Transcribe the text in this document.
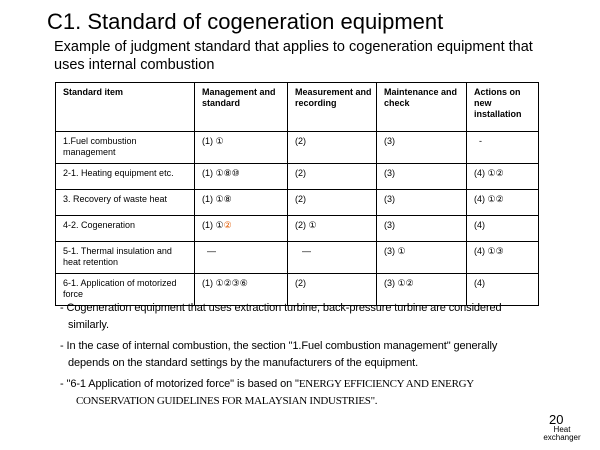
C1. Standard of cogeneration equipment
Example of judgment standard that applies to cogeneration equipment that uses internal combustion
Standard item	Management and standard	Measurement and recording	Maintenance and check	Actions on new installation
1.Fuel combustion management	(1) ①	(2)	(3)	-
2-1. Heating equipment etc.	(1) ①⑧⑩	(2)	(3)	(4) ①②
3. Recovery of waste heat	(1) ①⑧	(2)	(3)	(4) ①②
4-2. Cogeneration	(1) ①②	(2) ①	(3)	(4)
5-1. Thermal insulation and heat retention	—	—	(3) ①	(4) ①③
6-1. Application of motorized force	(1) ①②③⑥	(2)	(3) ①②	(4)

- Cogeneration equipment that uses extraction turbine, back-pressure turbine are considered
similarly.

- In the case of internal combustion, the section "1.Fuel combustion management" generally
depends on the standard settings by the manufacturers of the equipment.

- "6-1 Application of motorized force" is based on "ENERGY EFFICIENCY AND ENERGY
CONSERVATION GUIDELINES FOR MALAYSIAN INDUSTRIES".

20
Heat exchanger
